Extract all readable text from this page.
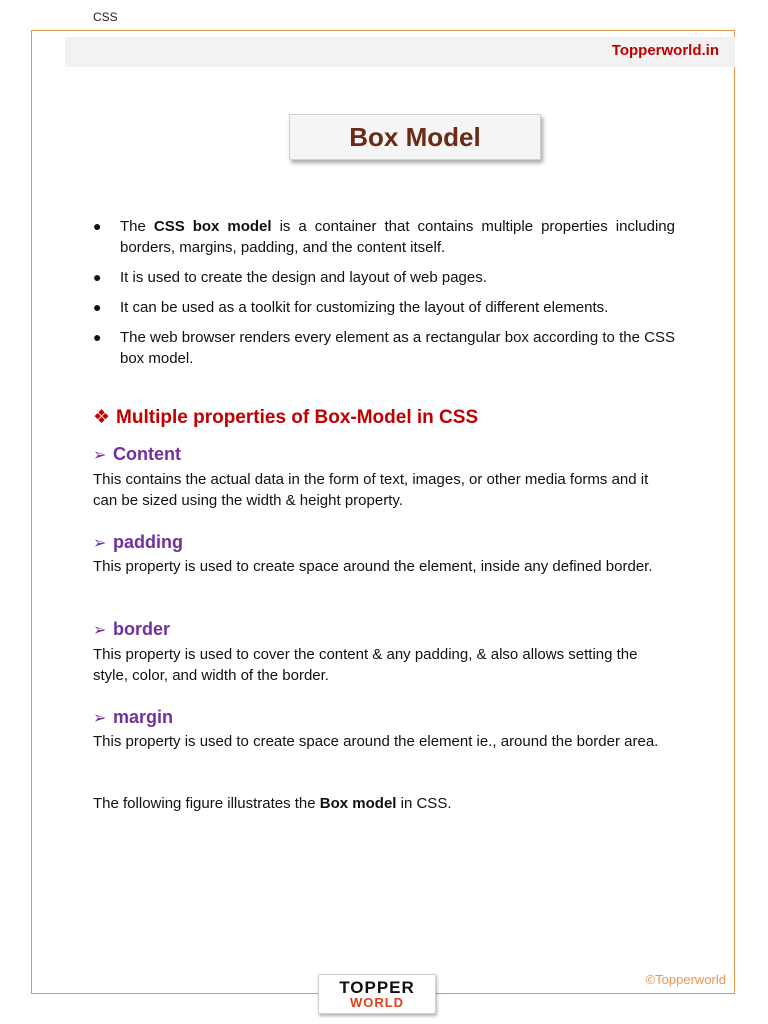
CSS
Topperworld.in
Box Model
● The CSS box model is a container that contains multiple properties including borders, margins, padding, and the content itself.
● It is used to create the design and layout of web pages.
● It can be used as a toolkit for customizing the layout of different elements.
● The web browser renders every element as a rectangular box according to the CSS box model.
❖ Multiple properties of Box-Model in CSS
➢ Content

This contains the actual data in the form of text, images, or other media forms and it can be sized using the width & height property.

➢ padding

This property is used to create space around the element, inside any defined border.

➢ border

This property is used to cover the content & any padding, & also allows setting the style, color, and width of the border.

➢ margin

This property is used to create space around the element ie., around the border area.

The following figure illustrates the Box model in CSS.

©Topperworld
TOPPER
WORLD
